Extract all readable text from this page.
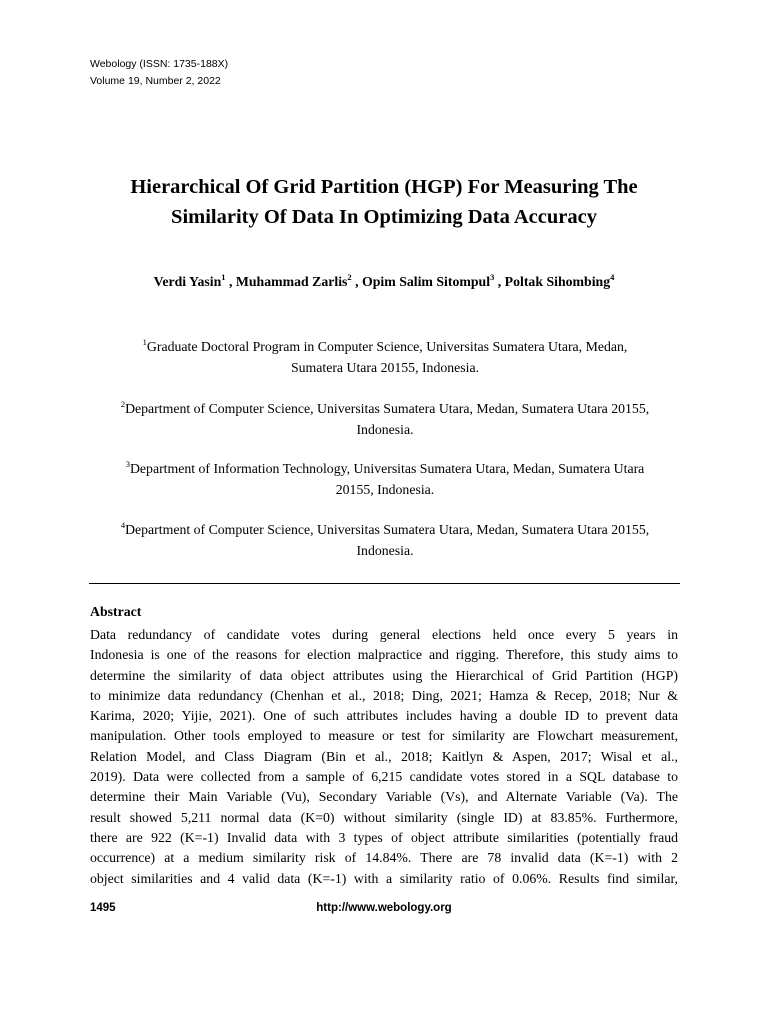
Webology (ISSN: 1735-188X)
Volume 19, Number 2, 2022
Hierarchical Of Grid Partition (HGP) For Measuring The
Similarity Of Data In Optimizing Data Accuracy
Verdi Yasin$^1$ , Muhammad Zarlis$^2$ , Opim Salim Sitompul$^3$ , Poltak Sihombing$^4$
$^1$Graduate Doctoral Program in Computer Science, Universitas Sumatera Utara, Medan,
Sumatera Utara 20155, Indonesia.
$^2$Department of Computer Science, Universitas Sumatera Utara, Medan, Sumatera Utara 20155,
Indonesia.
$^3$Department of Information Technology, Universitas Sumatera Utara, Medan, Sumatera Utara
20155, Indonesia.
$^4$Department of Computer Science, Universitas Sumatera Utara, Medan, Sumatera Utara 20155,
Indonesia.
Abstract
Data redundancy of candidate votes during general elections held once every 5 years in
Indonesia is one of the reasons for election malpractice and rigging. Therefore, this study aims to
determine the similarity of data object attributes using the Hierarchical of Grid Partition (HGP)
to minimize data redundancy (Chenhan et al., 2018; Ding, 2021; Hamza & Recep, 2018; Nur &
Karima, 2020; Yijie, 2021). One of such attributes includes having a double ID to prevent data
manipulation. Other tools employed to measure or test for similarity are Flowchart measurement,
Relation Model, and Class Diagram (Bin et al., 2018; Kaitlyn & Aspen, 2017; Wisal et al.,
2019). Data were collected from a sample of 6,215 candidate votes stored in a SQL database to
determine their Main Variable (Vu), Secondary Variable (Vs), and Alternate Variable (Va). The
result showed 5,211 normal data (K=0) without similarity (single ID) at 83.85%. Furthermore,
there are 922 (K=-1) Invalid data with 3 types of object attribute similarities (potentially fraud
occurrence) at a medium similarity risk of 14.84%. There are 78 invalid data (K=-1) with 2
object similarities and 4 valid data (K=-1) with a similarity ratio of 0.06%. Results find similar,
1495	http://www.webology.org
